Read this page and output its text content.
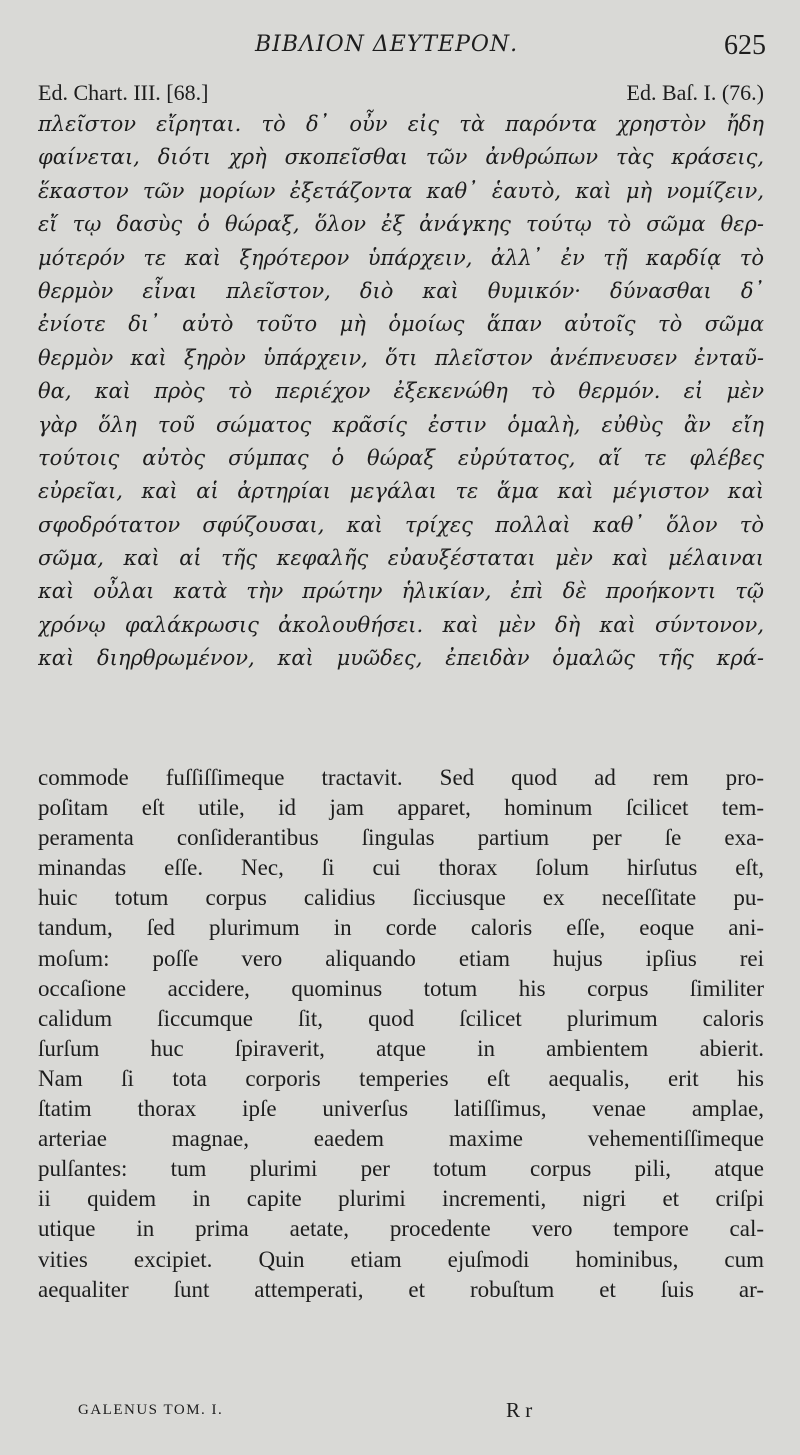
ΒΙΒΛΙΟΝ ΔΕΥΤΕΡΟΝ.	625
Ed. Chart. III. [68.]	Ed. Baſ. I. (76.)
πλεῖστον εἴρηται. τὸ δ᾽ οὖν εἰς τὰ παρόντα χρηστὸν ἤδη
φαίνεται, διότι χρὴ σκοπεῖσθαι τῶν ἀνθρώπων τὰς κράσεις,
ἕκαστον τῶν μορίων ἐξετάζοντα καθ᾽ ἑαυτὸ, καὶ μὴ νομίζειν,
εἴ τῳ δασὺς ὁ θώραξ, ὅλον ἐξ ἀνάγκης τούτῳ τὸ σῶμα θερ-
μότερόν τε καὶ ξηρότερον ὑπάρχειν, ἀλλ᾽ ἐν τῇ καρδίᾳ τὸ
θερμὸν εἶναι πλεῖστον, διὸ καὶ θυμικόν· δύνασθαι δ᾽
ἐνίοτε δι᾽ αὐτὸ τοῦτο μὴ ὁμοίως ἅπαν αὐτοῖς τὸ σῶμα
θερμὸν καὶ ξηρὸν ὑπάρχειν, ὅτι πλεῖστον ἀνέπνευσεν ἐνταῦ-
θα, καὶ πρὸς τὸ περιέχον ἐξεκενώθη τὸ θερμόν. εἰ μὲν
γὰρ ὅλη τοῦ σώματος κρᾶσίς ἐστιν ὁμαλὴ, εὐθὺς ἂν εἴη
τούτοις αὐτὸς σύμπας ὁ θώραξ εὐρύτατος, αἵ τε φλέβες
εὐρεῖαι, καὶ αἱ ἀρτηρίαι μεγάλαι τε ἅμα καὶ μέγιστον καὶ
σφοδρότατον σφύζουσαι, καὶ τρίχες πολλαὶ καθ᾽ ὅλον τὸ
σῶμα, καὶ αἱ τῆς κεφαλῆς εὐαυξέσταται μὲν καὶ μέλαιναι
καὶ οὖλαι κατὰ τὴν πρώτην ἡλικίαν, ἐπὶ δὲ προήκοντι τῷ
χρόνῳ φαλάκρωσις ἀκολουθήσει. καὶ μὲν δὴ καὶ σύντονον,
καὶ διηρθρωμένον, καὶ μυῶδες, ἐπειδὰν ὁμαλῶς τῆς κρά-
commode fuſſiſſimeque tractavit. Sed quod ad rem pro-
poſitam eſt utile, id jam apparet, hominum ſcilicet tem-
peramenta conſiderantibus ſingulas partium per ſe exa-
minandas eſſe. Nec, ſi cui thorax ſolum hirſutus eſt,
huic totum corpus calidius ſicciusque ex neceſſitate pu-
tandum, ſed plurimum in corde caloris eſſe, eoque ani-
moſum: poſſe vero aliquando etiam hujus ipſius rei
occaſione accidere, quominus totum his corpus ſimiliter
calidum ſiccumque ſit, quod ſcilicet plurimum caloris
ſurſum huc ſpiraverit, atque in ambientem abierit.
Nam ſi tota corporis temperies eſt aequalis, erit his
ſtatim thorax ipſe univerſus latiſſimus, venae amplae,
arteriae magnae, eaedem maxime vehementiſſimeque
pulſantes: tum plurimi per totum corpus pili, atque
ii quidem in capite plurimi incrementi, nigri et criſpi
utique in prima aetate, procedente vero tempore cal-
vities excipiet. Quin etiam ejuſmodi hominibus, cum
aequaliter ſunt attemperati, et robuſtum et ſuis ar-
GALENUS TOM. I.	R r
